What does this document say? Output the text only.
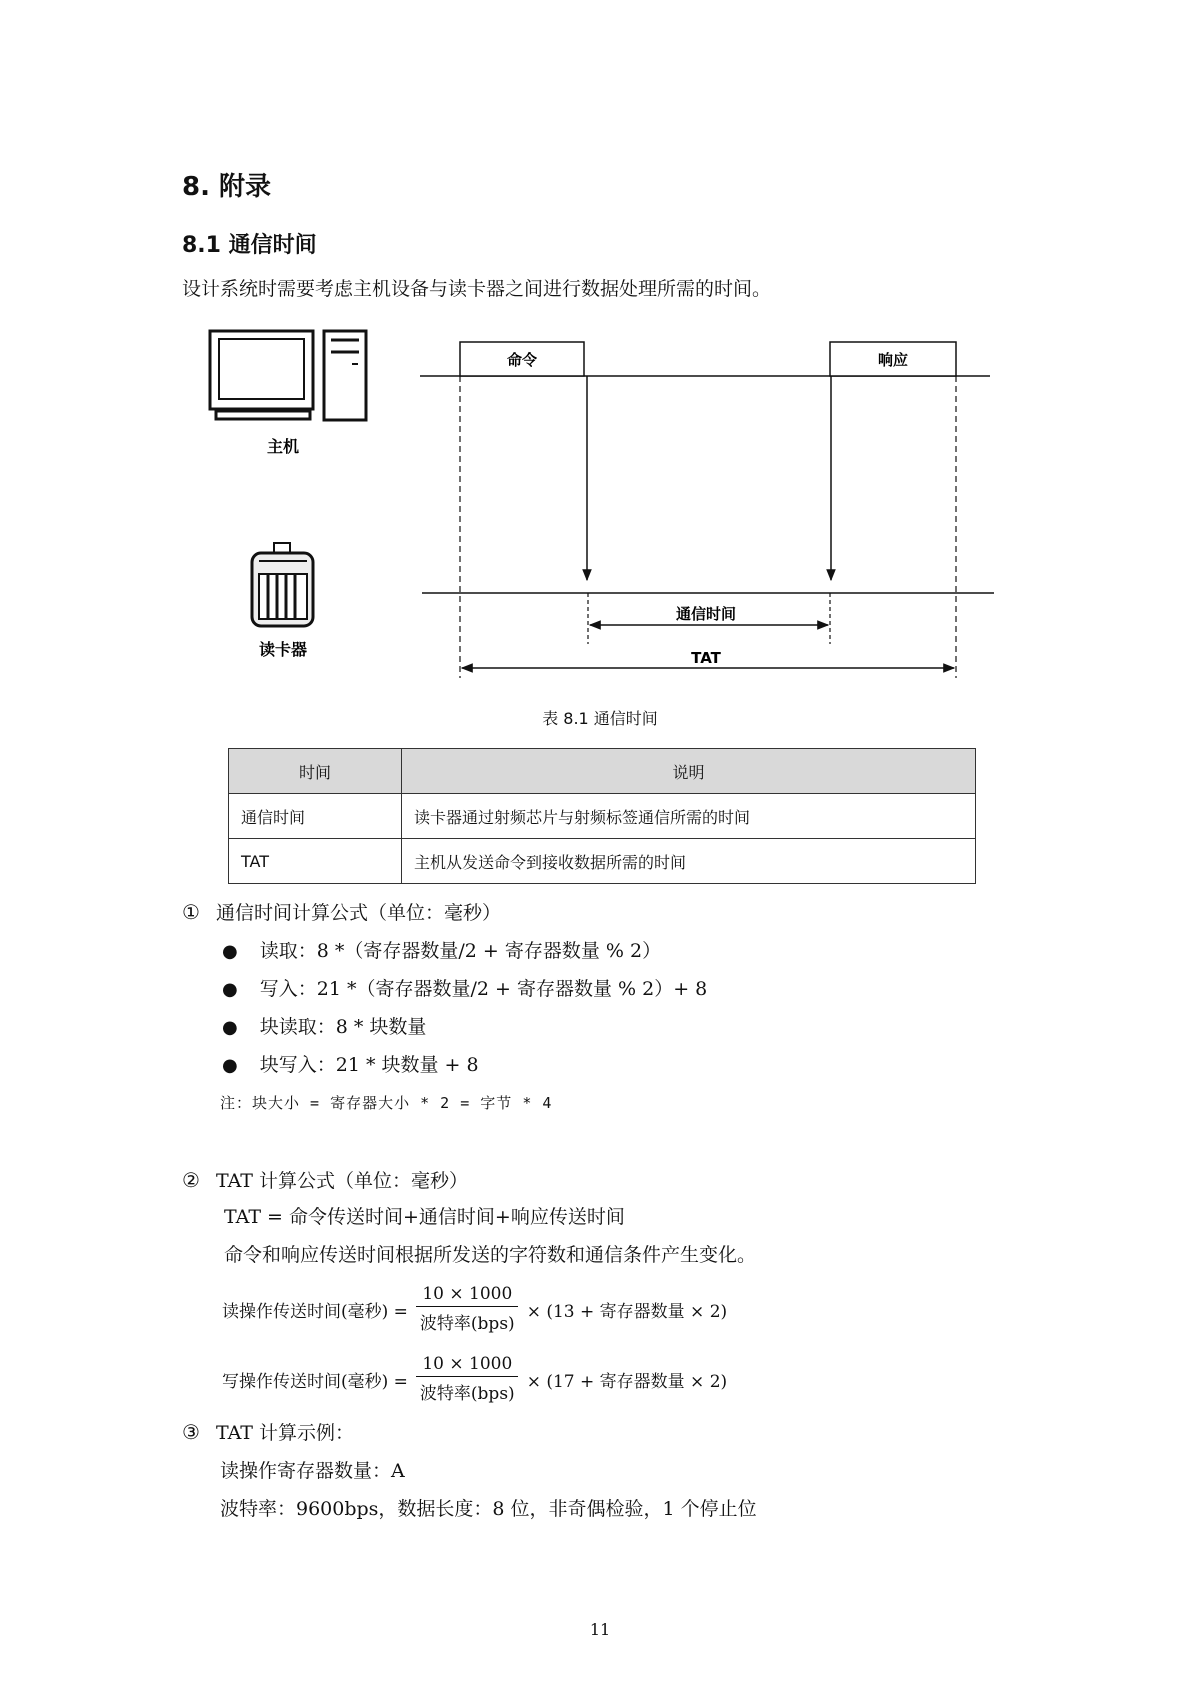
8. 附录
8.1 通信时间

设计系统时需要考虑主机设备与读卡器之间进行数据处理所需的时间。

主机
读卡器
命令	响应
通信时间
TAT

表 8.1 通信时间

时间	说明
通信时间	读卡器通过射频芯片与射频标签通信所需的时间
TAT	主机从发送命令到接收数据所需的时间
① 通信时间计算公式（单位：毫秒）
● 读取：8 *（寄存器数量/2 + 寄存器数量 % 2）
● 写入：21 *（寄存器数量/2 + 寄存器数量 % 2）+ 8
● 块读取：8 * 块数量
● 块写入：21 * 块数量 + 8

注：块大小 = 寄存器大小 * 2 = 字节 * 4

② TAT 计算公式（单位：毫秒）

TAT = 命令传送时间+通信时间+响应传送时间

命令和响应传送时间根据所发送的字符数和通信条件产生变化。

读操作传送时间(毫秒) = $\frac{10 \times 1000}{\text{波特率(bps)}} \times (13$ + 寄存器数量 × 2)
写操作传送时间(毫秒) = $\frac{10 \times 1000}{\text{波特率(bps)}} \times (17$ + 寄存器数量 × 2)
③ TAT 计算示例：

读操作寄存器数量：A

波特率：9600bps，数据长度：8 位，非奇偶检验，1 个停止位

11
